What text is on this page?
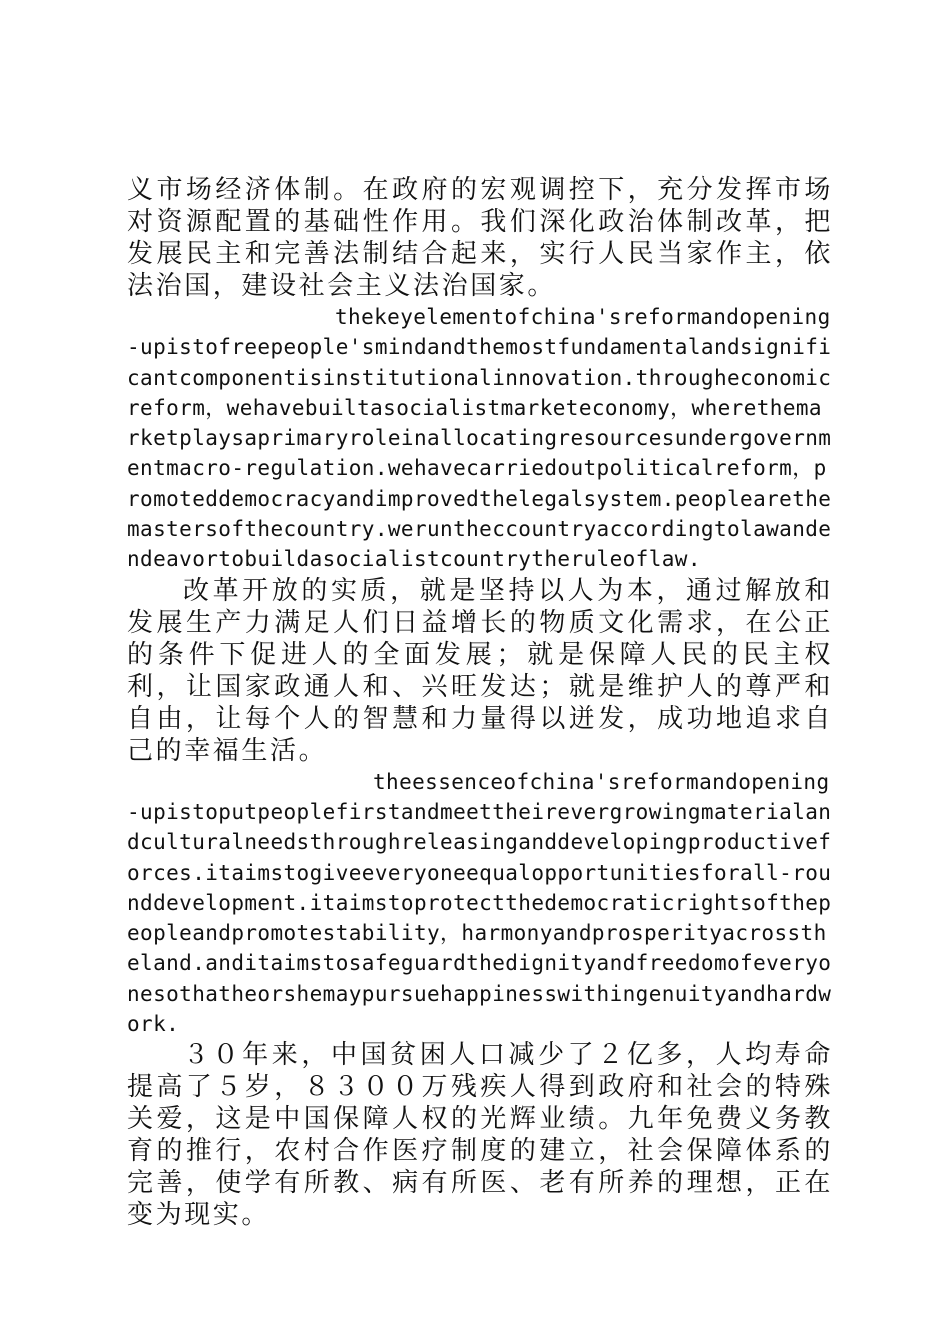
义市场经济体制。在政府的宏观调控下，充分发挥市场对资源配置的基础性作用。我们深化政治体制改革，把发展民主和完善法制结合起来，实行人民当家作主，依法治国，建设社会主义法治国家。

thekeyelementofchina'sreformandopening-upistofreepeople'smindandthemostfundamentalandsignificantcomponentisinstitutionalinnovation.througheconomicreform，wehavebuiltasocialistmarketeconomy，wherethemarketplaysaprimaryroleinallocatingresourcesundergovernmentmacro-regulation.wehavecarriedoutpoliticalreform，promoteddemocracyandimprovedthelegalsystem.peoplearethemastersofthecountry.weruntheccountryaccordingtolawandendeavortobuildasocialistcountrytheruleoflaw.

改革开放的实质，就是坚持以人为本，通过解放和发展生产力满足人们日益增长的物质文化需求，在公正的条件下促进人的全面发展；就是保障人民的民主权利，让国家政通人和、兴旺发达；就是维护人的尊严和自由，让每个人的智慧和力量得以迸发，成功地追求自己的幸福生活。

theessenceofchina'sreformandopening-upistoputpeoplefirstandmeettheirevergrowingmaterialandculturalneedsthroughreleasinganddevelopingproductiveforces.itaimstogiveeveryoneequalopportunitiesforall-rounddevelopment.itaimstoprotectthedemocraticrightsofthepeopleandpromotestability，harmonyandprosperityacrosstheland.anditaimstosafeguardthedignityandfreedomofeveryonesothatheorshemaypursuehappinesswithingenuityandhardwork.

３０年来，中国贫困人口减少了２亿多，人均寿命提高了５岁，８３００万残疾人得到政府和社会的特殊关爱，这是中国保障人权的光辉业绩。九年免费义务教育的推行，农村合作医疗制度的建立，社会保障体系的完善，使学有所教、病有所医、老有所养的理想，正在变为现实。
